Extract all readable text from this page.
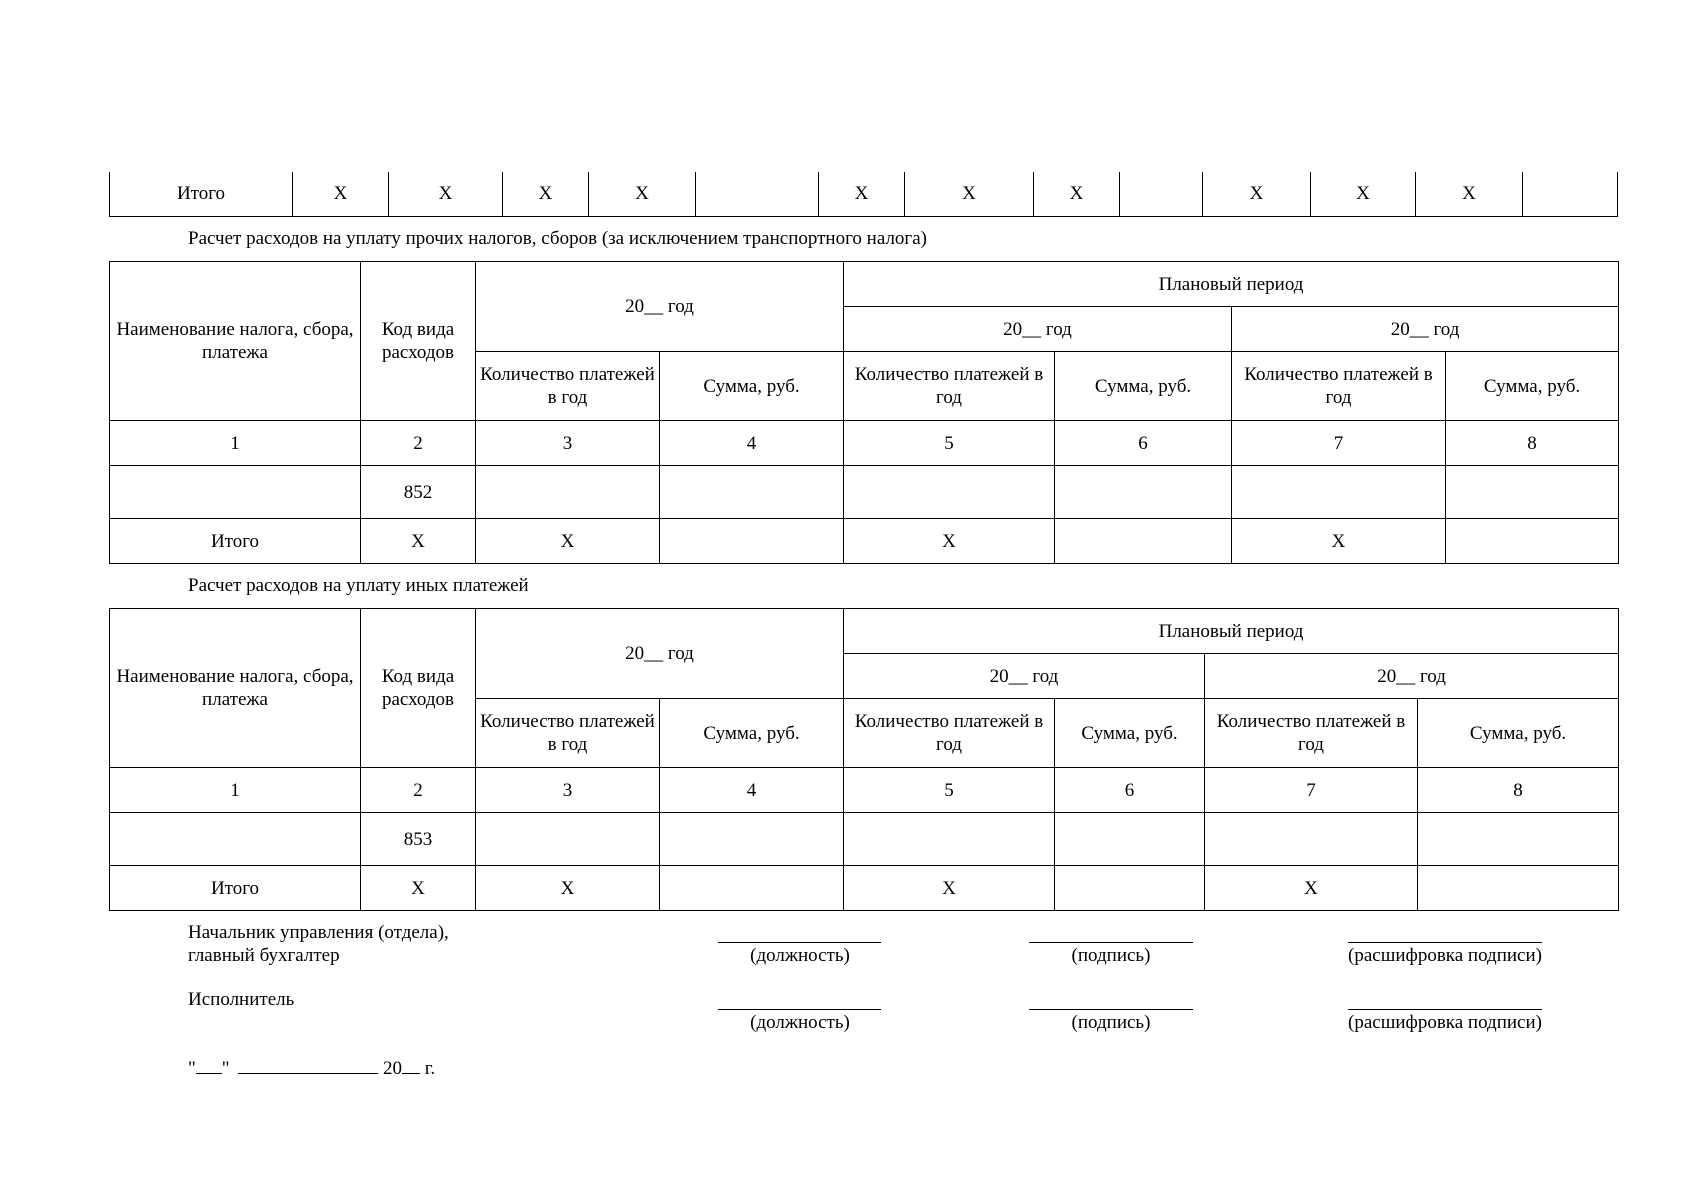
Итого	X	X	X	X		X	X	X		X	X	X	
Расчет расходов на уплату прочих налогов, сборов (за исключением транспортного налога)
Наименование налога, сбора, платежа	Код вида расходов	20__ год		Плановый период			
				20__ год		20__ год	
		Количество платежей в год	Сумма, руб.	Количество платежей в год	Сумма, руб.	Количество платежей в год	Сумма, руб.
1	2	3	4	5	6	7	8
	852						
Итого	X	X		X		X	
Расчет расходов на уплату иных платежей
Наименование налога, сбора, платежа	Код вида расходов	20__ год		Плановый период			
				20__ год		20__ год	
		Количество платежей в год	Сумма, руб.	Количество платежей в год	Сумма, руб.	Количество платежей в год	Сумма, руб.
1	2	3	4	5	6	7	8
	853						
Итого	X	X		X		X	
Начальник управления (отдела),
главный бухгалтер	(должность)	(подпись)	(расшифровка подписи)
Исполнитель
(должность)	(подпись)	(расшифровка подписи)
" "	20 г.
